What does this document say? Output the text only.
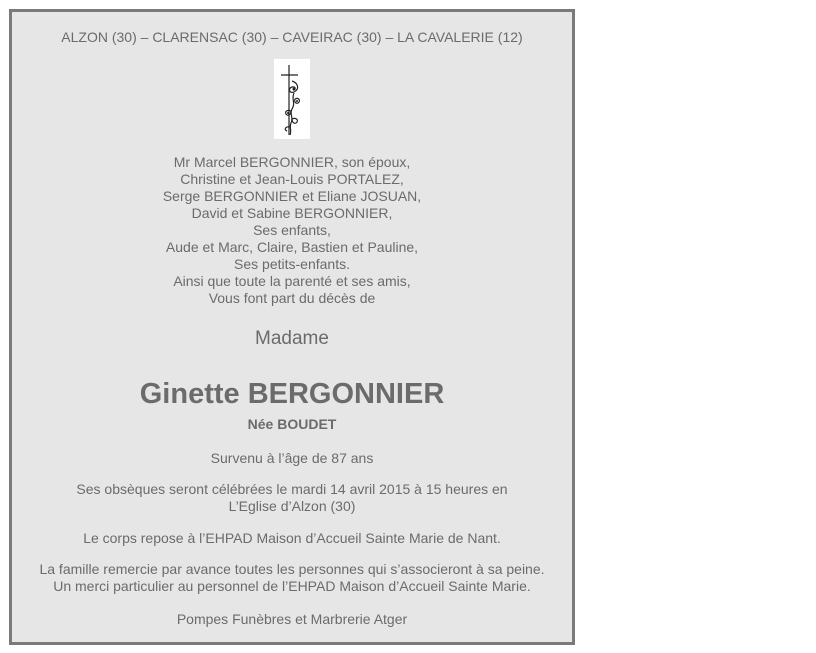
ALZON (30) – CLARENSAC (30) – CAVEIRAC (30) – LA CAVALERIE (12)
Mr Marcel BERGONNIER, son époux,
Christine et Jean-Louis PORTALEZ,
Serge BERGONNIER et Eliane JOSUAN,
David et Sabine BERGONNIER,
Ses enfants,
Aude et Marc, Claire, Bastien et Pauline,
Ses petits-enfants.
Ainsi que toute la parenté et ses amis,
Vous font part du décès de
Madame
Ginette BERGONNIER
Née BOUDET
Survenu à l’âge de 87 ans
Ses obsèques seront célébrées le mardi 14 avril 2015 à 15 heures en
L’Eglise d’Alzon (30)
Le corps repose à l’EHPAD Maison d’Accueil Sainte Marie de Nant.
La famille remercie par avance toutes les personnes qui s’associeront à sa peine.
Un merci particulier au personnel de l’EHPAD Maison d’Accueil Sainte Marie.
Pompes Funèbres et Marbrerie Atger
